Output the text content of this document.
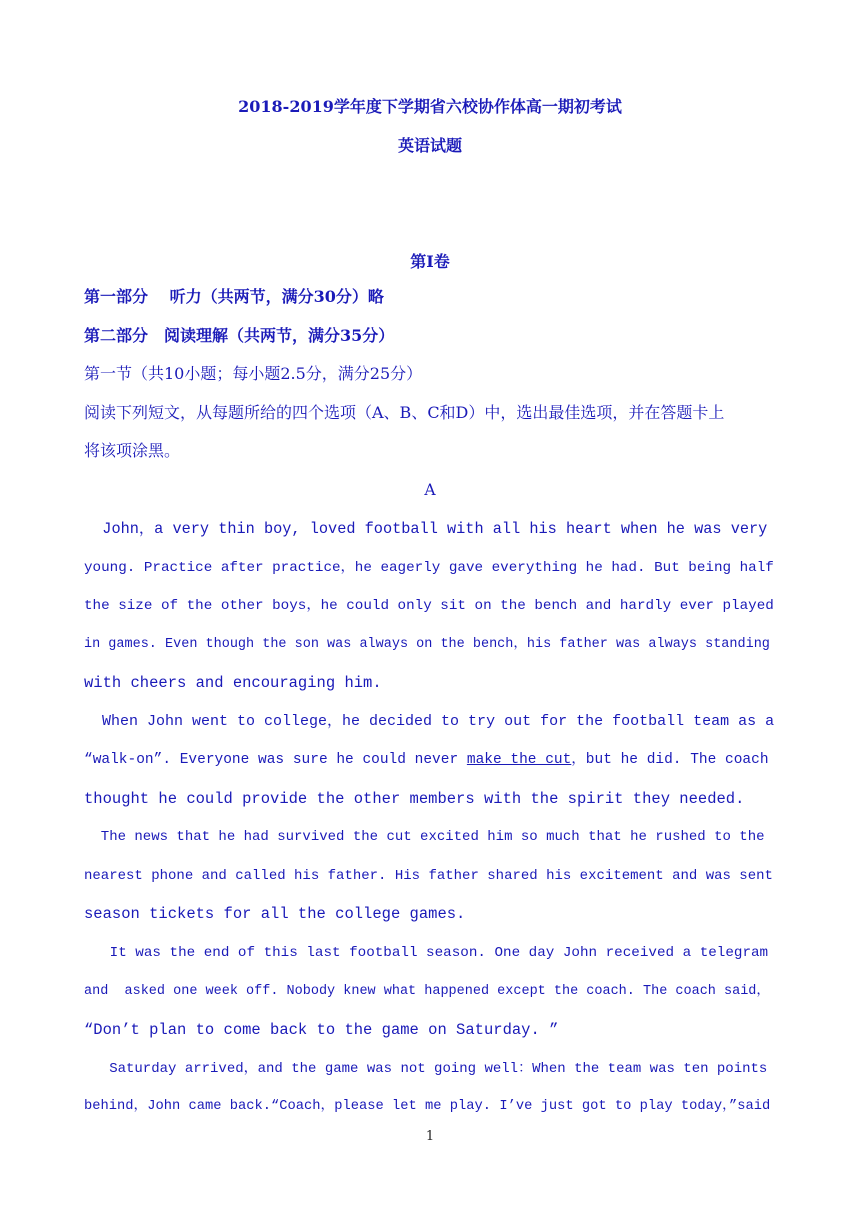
2018-2019学年度下学期省六校协作体高一期初考试
英语试题
第Ⅰ卷
第一部分　 听力（共两节，满分30分）略
第二部分　阅读理解（共两节，满分35分）
第一节（共10小题；每小题2.5分，满分25分）
阅读下列短文，从每题所给的四个选项（A、B、C和D）中，选出最佳选项，并在答题卡上
将该项涂黑。
A
John，a very thin boy, loved football with all his heart when he was very
young. Practice after practice，he eagerly gave everything he had. But being half
the size of the other boys，he could only sit on the bench and hardly ever played
in games. Even though the son was always on the bench，his father was always standing
with cheers and encouraging him.
When John went to college，he decided to try out for the football team as a
“walk-on”. Everyone was sure he could never make the cut，but he did. The coach
thought he could provide the other members with the spirit they needed.
The news that he had survived the cut excited him so much that he rushed to the
nearest phone and called his father. His father shared his excitement and was sent
season tickets for all the college games.
It was the end of this last football season. One day John received a telegram
and  asked one week off. Nobody knew what happened except the coach. The coach said，
“Don’t plan to come back to the game on Saturday. ”
Saturday arrived，and the game was not going well：When the team was ten points
behind，John came back.“Coach，please let me play. I’ve just got to play today，”said
1
